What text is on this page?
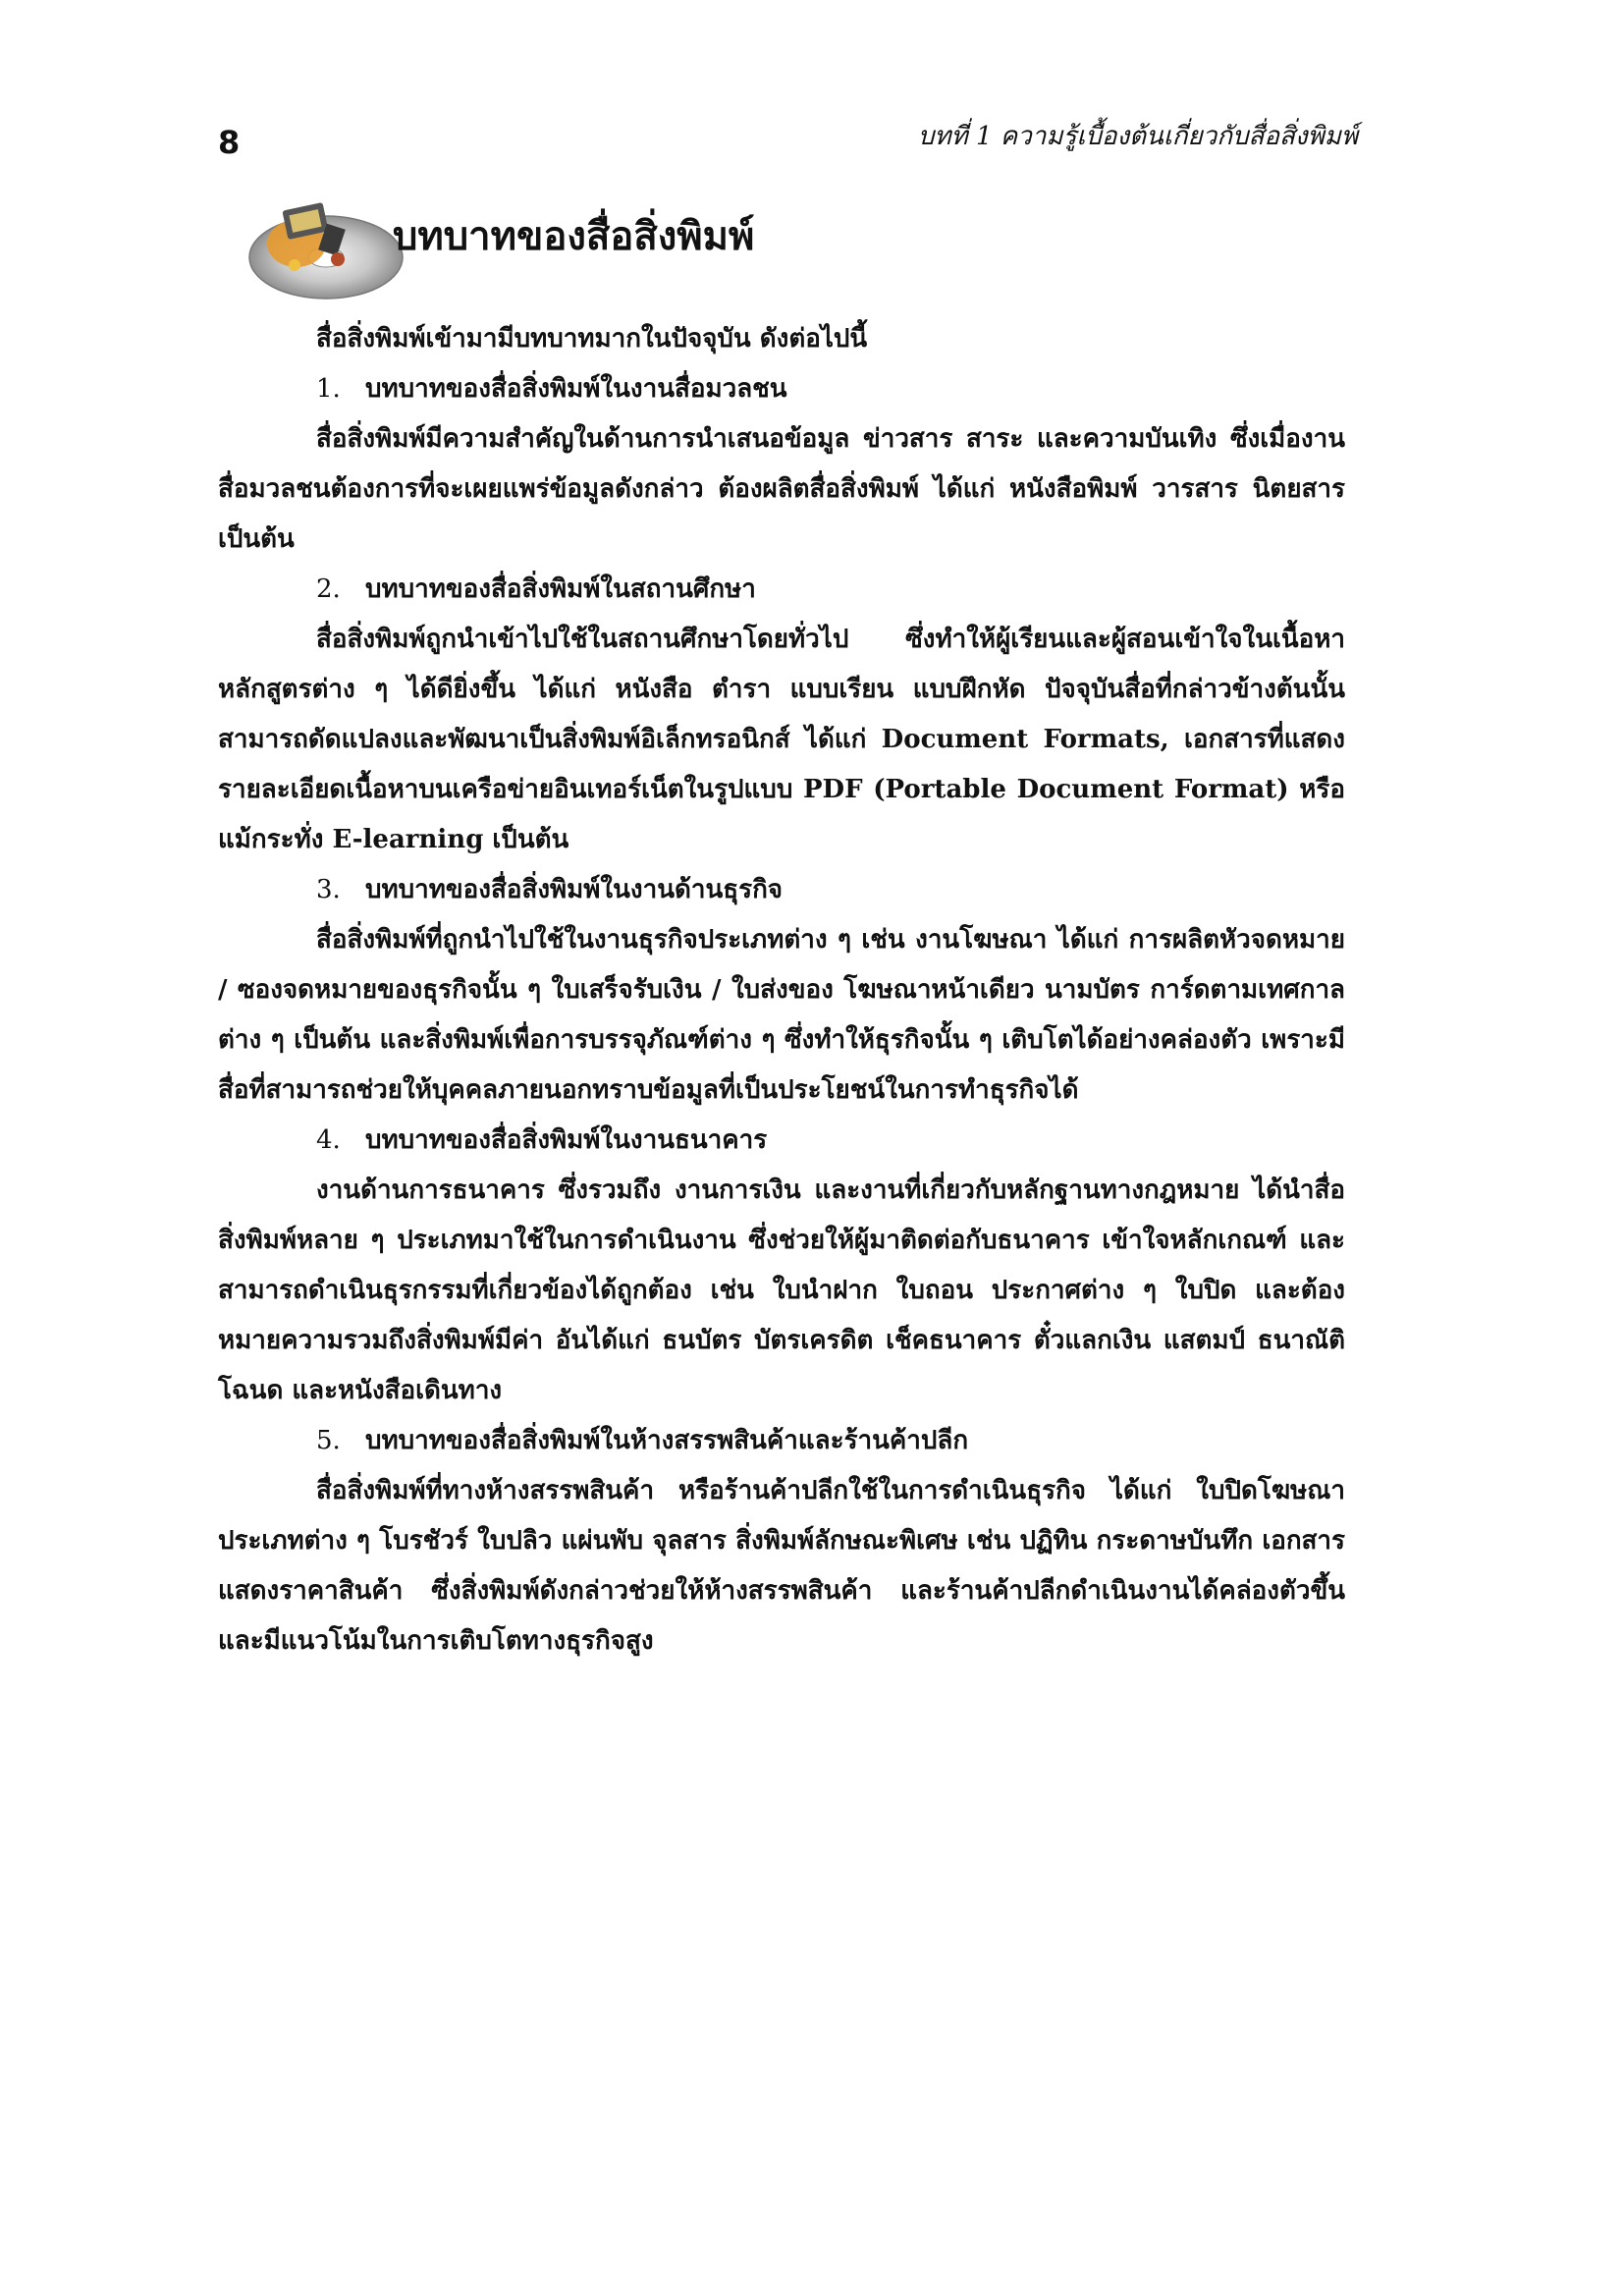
8	บทที่ 1 ความรู้เบื้องต้นเกี่ยวกับสื่อสิ่งพิมพ์
บทบาทของสื่อสิ่งพิมพ์

สื่อสิ่งพิมพ์เข้ามามีบทบาทมากในปัจจุบัน ดังต่อไปนี้

1. บทบาทของสื่อสิ่งพิมพ์ในงานสื่อมวลชน

สื่อสิ่งพิมพ์มีความสำคัญในด้านการนำเสนอข้อมูล ข่าวสาร สาระ และความบันเทิง ซึ่งเมื่องานสื่อมวลชนต้องการที่จะเผยแพร่ข้อมูลดังกล่าว ต้องผลิตสื่อสิ่งพิมพ์ ได้แก่ หนังสือพิมพ์ วารสาร นิตยสาร เป็นต้น

2. บทบาทของสื่อสิ่งพิมพ์ในสถานศึกษา

สื่อสิ่งพิมพ์ถูกนำเข้าไปใช้ในสถานศึกษาโดยทั่วไป ซึ่งทำให้ผู้เรียนและผู้สอนเข้าใจในเนื้อหาหลักสูตรต่าง ๆ ได้ดียิ่งขึ้น ได้แก่ หนังสือ ตำรา แบบเรียน แบบฝึกหัด ปัจจุบันสื่อที่กล่าวข้างต้นนั้นสามารถดัดแปลงและพัฒนาเป็นสิ่งพิมพ์อิเล็กทรอนิกส์ ได้แก่ Document Formats, เอกสารที่แสดงรายละเอียดเนื้อหาบนเครือข่ายอินเทอร์เน็ตในรูปแบบ PDF (Portable Document Format) หรือแม้กระทั่ง E-learning เป็นต้น

3. บทบาทของสื่อสิ่งพิมพ์ในงานด้านธุรกิจ

สื่อสิ่งพิมพ์ที่ถูกนำไปใช้ในงานธุรกิจประเภทต่าง ๆ เช่น งานโฆษณา ได้แก่ การผลิตหัวจดหมาย / ซองจดหมายของธุรกิจนั้น ๆ ใบเสร็จรับเงิน / ใบส่งของ โฆษณาหน้าเดียว นามบัตร การ์ดตามเทศกาลต่าง ๆ เป็นต้น และสิ่งพิมพ์เพื่อการบรรจุภัณฑ์ต่าง ๆ ซึ่งทำให้ธุรกิจนั้น ๆ เติบโตได้อย่างคล่องตัว เพราะมีสื่อที่สามารถช่วยให้บุคคลภายนอกทราบข้อมูลที่เป็นประโยชน์ในการทำธุรกิจได้

4. บทบาทของสื่อสิ่งพิมพ์ในงานธนาคาร

งานด้านการธนาคาร ซึ่งรวมถึง งานการเงิน และงานที่เกี่ยวกับหลักฐานทางกฎหมาย ได้นำสื่อสิ่งพิมพ์หลาย ๆ ประเภทมาใช้ในการดำเนินงาน ซึ่งช่วยให้ผู้มาติดต่อกับธนาคาร เข้าใจหลักเกณฑ์ และสามารถดำเนินธุรกรรมที่เกี่ยวข้องได้ถูกต้อง เช่น ใบนำฝาก ใบถอน ประกาศต่าง ๆ ใบปิด และต้องหมายความรวมถึงสิ่งพิมพ์มีค่า อันได้แก่ ธนบัตร บัตรเครดิต เช็คธนาคาร ตั๋วแลกเงิน แสตมป์ ธนาณัติ โฉนด และหนังสือเดินทาง

5. บทบาทของสื่อสิ่งพิมพ์ในห้างสรรพสินค้าและร้านค้าปลีก

สื่อสิ่งพิมพ์ที่ทางห้างสรรพสินค้า หรือร้านค้าปลีกใช้ในการดำเนินธุรกิจ ได้แก่ ใบปิดโฆษณาประเภทต่าง ๆ โบรชัวร์ ใบปลิว แผ่นพับ จุลสาร สิ่งพิมพ์ลักษณะพิเศษ เช่น ปฏิทิน กระดาษบันทึก เอกสารแสดงราคาสินค้า ซึ่งสิ่งพิมพ์ดังกล่าวช่วยให้ห้างสรรพสินค้า และร้านค้าปลีกดำเนินงานได้คล่องตัวขึ้น และมีแนวโน้มในการเติบโตทางธุรกิจสูง
